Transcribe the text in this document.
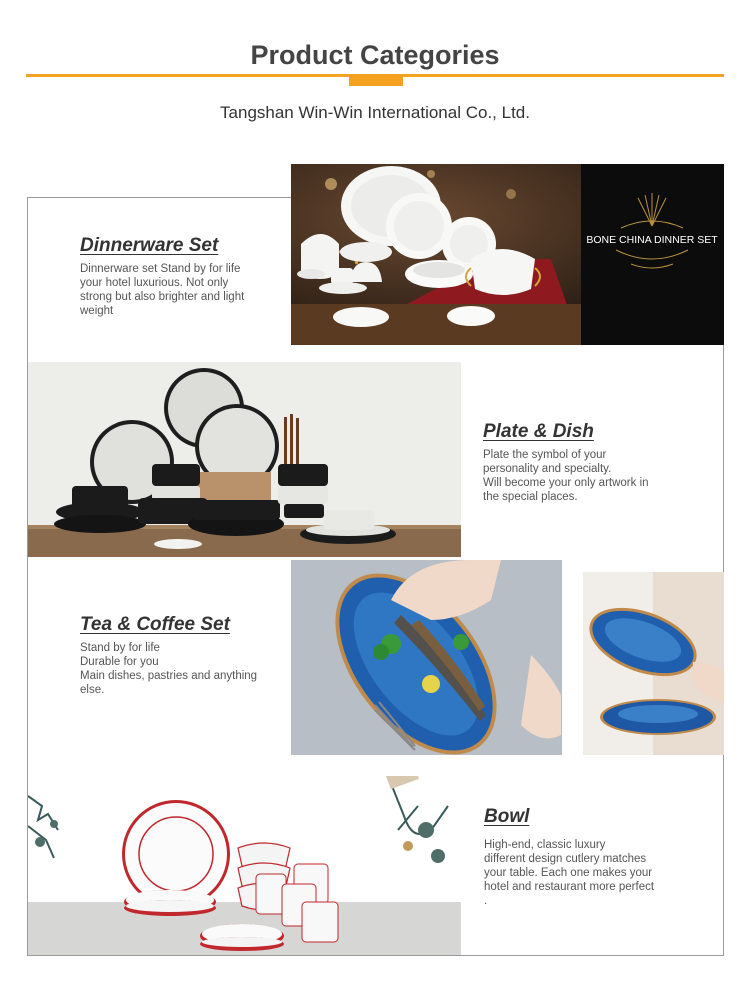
Product Categories
Tangshan Win-Win International Co., Ltd.
BONE CHINA DINNER SET
Dinnerware Set
Dinnerware set Stand by for life
your hotel luxurious. Not only
strong but also brighter and light
weight
Plate & Dish
Plate the symbol of your
personality and specialty.
Will become your only artwork in
the special places.
Tea & Coffee Set
Stand by for life
Durable for you
Main dishes, pastries and anything
else.
Bowl
High-end, classic luxury
different design cutlery matches
your table. Each one makes your
hotel and restaurant more perfect
.
